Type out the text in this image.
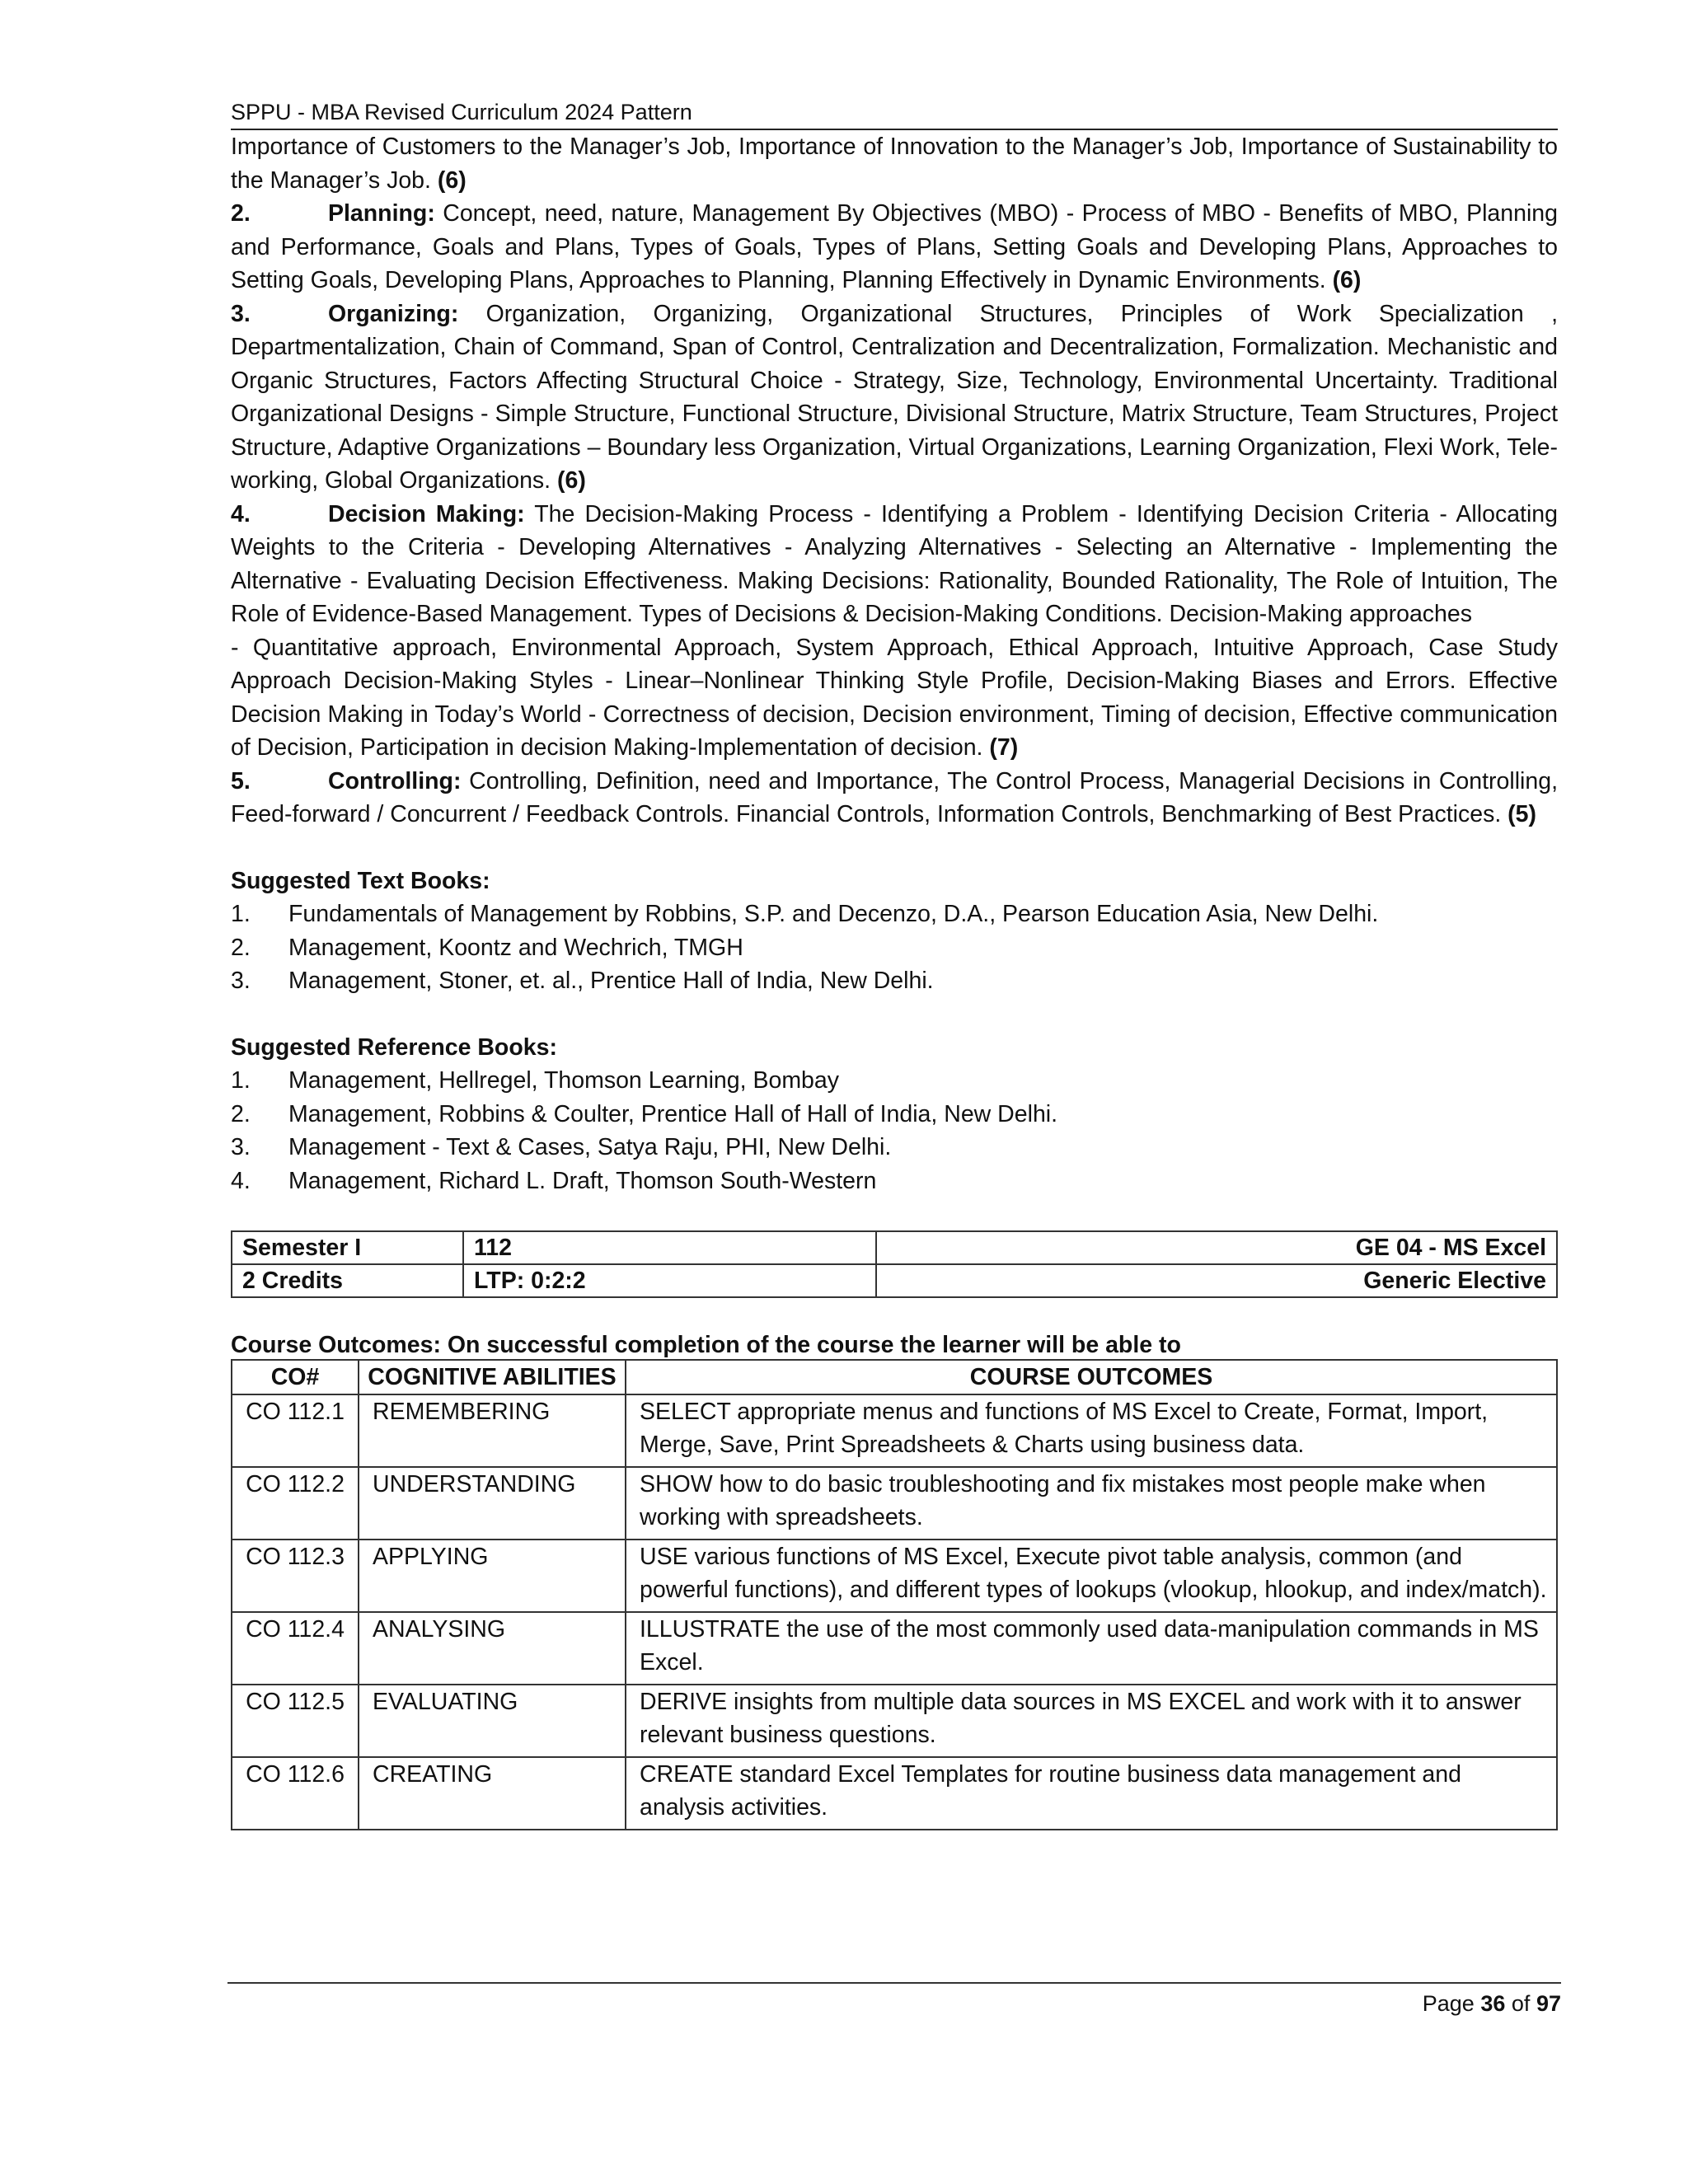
SPPU - MBA Revised Curriculum 2024 Pattern

Importance of Customers to the Manager’s Job, Importance of Innovation to the Manager’s Job, Importance of Sustainability to the Manager’s Job. (6)

2.	Planning: Concept, need, nature, Management By Objectives (MBO) - Process of MBO - Benefits of MBO, Planning and Performance, Goals and Plans, Types of Goals, Types of Plans, Setting Goals and Developing Plans, Approaches to Setting Goals, Developing Plans, Approaches to Planning, Planning Effectively in Dynamic Environments. (6)

3.	Organizing: Organization, Organizing, Organizational Structures, Principles of Work Specialization , Departmentalization, Chain of Command, Span of Control, Centralization and Decentralization, Formalization. Mechanistic and Organic Structures, Factors Affecting Structural Choice - Strategy, Size, Technology, Environmental Uncertainty. Traditional Organizational Designs - Simple Structure, Functional Structure, Divisional Structure, Matrix Structure, Team Structures, Project Structure, Adaptive Organizations – Boundary less Organization, Virtual Organizations, Learning Organization, Flexi Work, Tele-working, Global Organizations. (6)

4.	Decision Making: The Decision-Making Process - Identifying a Problem - Identifying Decision Criteria - Allocating Weights to the Criteria - Developing Alternatives - Analyzing Alternatives - Selecting an Alternative - Implementing the Alternative - Evaluating Decision Effectiveness. Making Decisions: Rationality, Bounded Rationality, The Role of Intuition, The Role of Evidence-Based Management. Types of Decisions & Decision-Making Conditions. Decision-Making approaches

- Quantitative approach, Environmental Approach, System Approach, Ethical Approach, Intuitive Approach, Case Study Approach Decision-Making Styles - Linear–Nonlinear Thinking Style Profile, Decision-Making Biases and Errors. Effective Decision Making in Today’s World - Correctness of decision, Decision environment, Timing of decision, Effective communication of Decision, Participation in decision Making-Implementation of decision. (7)

5.	Controlling: Controlling, Definition, need and Importance, The Control Process, Managerial Decisions in Controlling, Feed-forward / Concurrent / Feedback Controls. Financial Controls, Information Controls, Benchmarking of Best Practices. (5)

Suggested Text Books:
1.	Fundamentals of Management by Robbins, S.P. and Decenzo, D.A., Pearson Education Asia, New Delhi.
2.	Management, Koontz and Wechrich, TMGH
3.	Management, Stoner, et. al., Prentice Hall of India, New Delhi.
Suggested Reference Books:
1.	Management, Hellregel, Thomson Learning, Bombay
2.	Management, Robbins & Coulter, Prentice Hall of Hall of India, New Delhi.
3.	Management - Text & Cases, Satya Raju, PHI, New Delhi.
4.	Management, Richard L. Draft, Thomson South-Western
Semester I	112	GE 04 - MS Excel
2 Credits	LTP: 0:2:2	Generic Elective
Course Outcomes: On successful completion of the course the learner will be able to
CO#	COGNITIVE ABILITIES	COURSE OUTCOMES
CO 112.1	REMEMBERING	SELECT appropriate menus and functions of MS Excel to Create, Format, Import, Merge, Save, Print Spreadsheets & Charts using business data.
CO 112.2	UNDERSTANDING	SHOW how to do basic troubleshooting and fix mistakes most people make when working with spreadsheets.
CO 112.3	APPLYING	USE various functions of MS Excel, Execute pivot table analysis, common (and powerful functions), and different types of lookups (vlookup, hlookup, and index/match).
CO 112.4	ANALYSING	ILLUSTRATE the use of the most commonly used data-manipulation commands in MS Excel.
CO 112.5	EVALUATING	DERIVE insights from multiple data sources in MS EXCEL and work with it to answer relevant business questions.
CO 112.6	CREATING	CREATE standard Excel Templates for routine business data management and analysis activities.
Page 36 of 97
